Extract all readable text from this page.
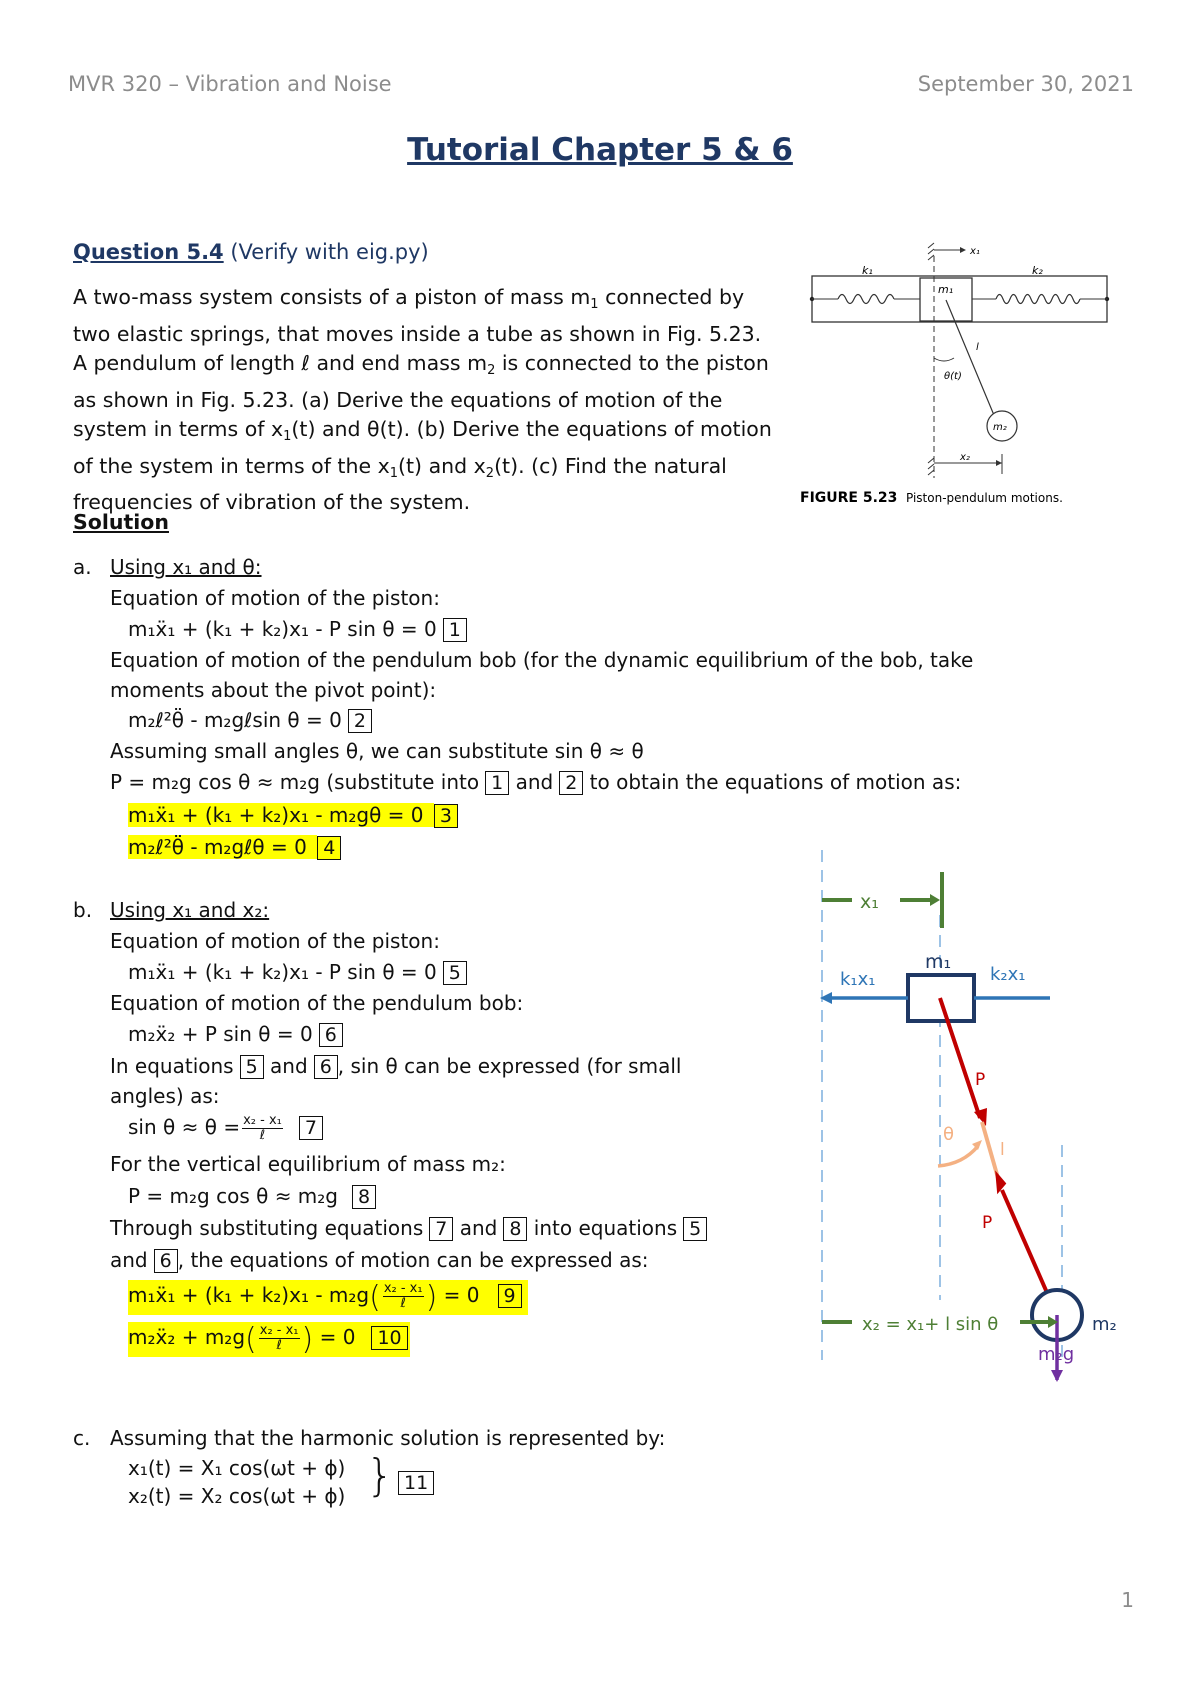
MVR 320 – Vibration and Noise	September 30, 2021
Tutorial Chapter 5 & 6
Question 5.4 (Verify with eig.py)
A two-mass system consists of a piston of mass $m_1$ connected by two elastic springs, that moves inside a tube as shown in Fig. 5.23. A pendulum of length ℓ and end mass $m_2$ is connected to the piston as shown in Fig. 5.23. (a) Derive the equations of motion of the system in terms of $x_1(t)$ and θ(t). (b) Derive the equations of motion of the system in terms of the $x_1(t)$ and $x_2(t)$. (c) Find the natural frequencies of vibration of the system.
k₁	k₂
m₁
x₁
m₂
l
θ(t)
x₂
FIGURE 5.23 Piston-pendulum motions.
Solution
a. Using x₁ and θ:
Equation of motion of the piston:
m₁ẍ₁ + (k₁ + k₂)x₁ - P sin θ = 0 1
Equation of motion of the pendulum bob (for the dynamic equilibrium of the bob, take
moments about the pivot point):
m₂ℓ²θ̈ - m₂gℓsin θ = 0 2
Assuming small angles θ, we can substitute sin θ ≈ θ
P = m₂g cos θ ≈ m₂g (substitute into 1 and 2 to obtain the equations of motion as:
m₁ẍ₁ + (k₁ + k₂)x₁ - m₂gθ = 0 3
m₂ℓ²θ̈ - m₂gℓθ = 0 4
b. Using x₁ and x₂:
Equation of motion of the piston:
m₁ẍ₁ + (k₁ + k₂)x₁ - P sin θ = 0 5
Equation of motion of the pendulum bob:
m₂ẍ₂ + P sin θ = 0 6
In equations 5 and 6 , sin θ can be expressed (for small
angles) as:
$\sin \theta \approx \theta = \frac{\text{x₂ - x₁}}{\text{ℓ}} 7$
For the vertical equilibrium of mass m₂:
P = m₂g cos θ ≈ m₂g 8
Through substituting equations 7 and 8 into equations 5
and 6 , the equations of motion can be expressed as:
m₁ẍ₁ + $(k_1 + k_2)x_1 - m_2g( \frac{\text{x₂ - x₁}}{\text{ℓ}}$ ) = 0 9
m₂ẍ₂ + $m_2g( \frac{\text{x₂ - x₁}}{\text{ℓ}}$ ) = 0 10
c. Assuming that the harmonic solution is represented by:
x₁(t) = X₁ cos(ωt + ϕ)
x₂(t) = X₂ cos(ωt + ϕ) } 11
x₁
m₁
k₁x₁	k₂x₁
P
θ
l
P
m₂
m₂g
x₂ = x₁+ l sin θ
1
